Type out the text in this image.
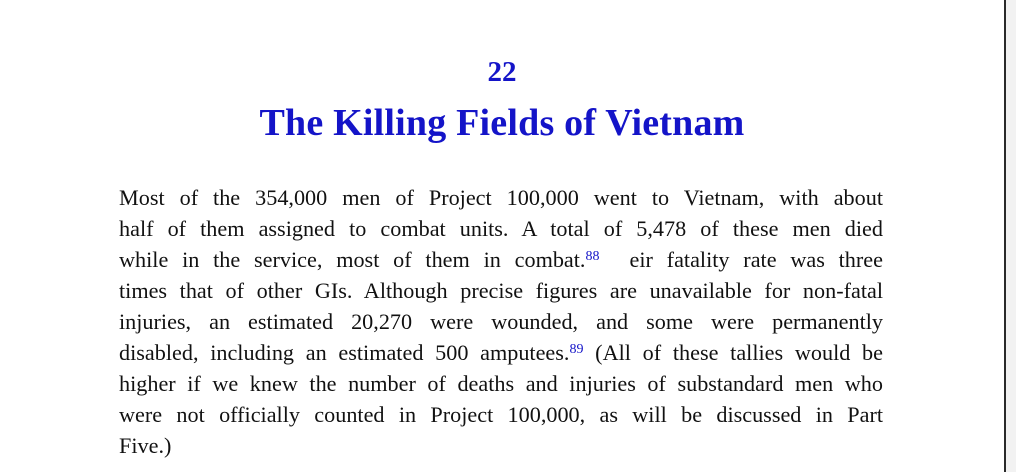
22
The Killing Fields of Vietnam
Most of the 354,000 men of Project 100,000 went to Vietnam, with about
half of them assigned to combat units. A total of 5,478 of these men died
while in the service, most of them in combat.$^{88}$ eir fatality rate was three
times that of other GIs. Although precise figures are unavailable for non-fatal
injuries, an estimated 20,270 were wounded, and some were permanently
disabled, including an estimated 500 amputees.$^{89}$ (All of these tallies would be
higher if we knew the number of deaths and injuries of substandard men who
were not officially counted in Project 100,000, as will be discussed in Part
Five.)
